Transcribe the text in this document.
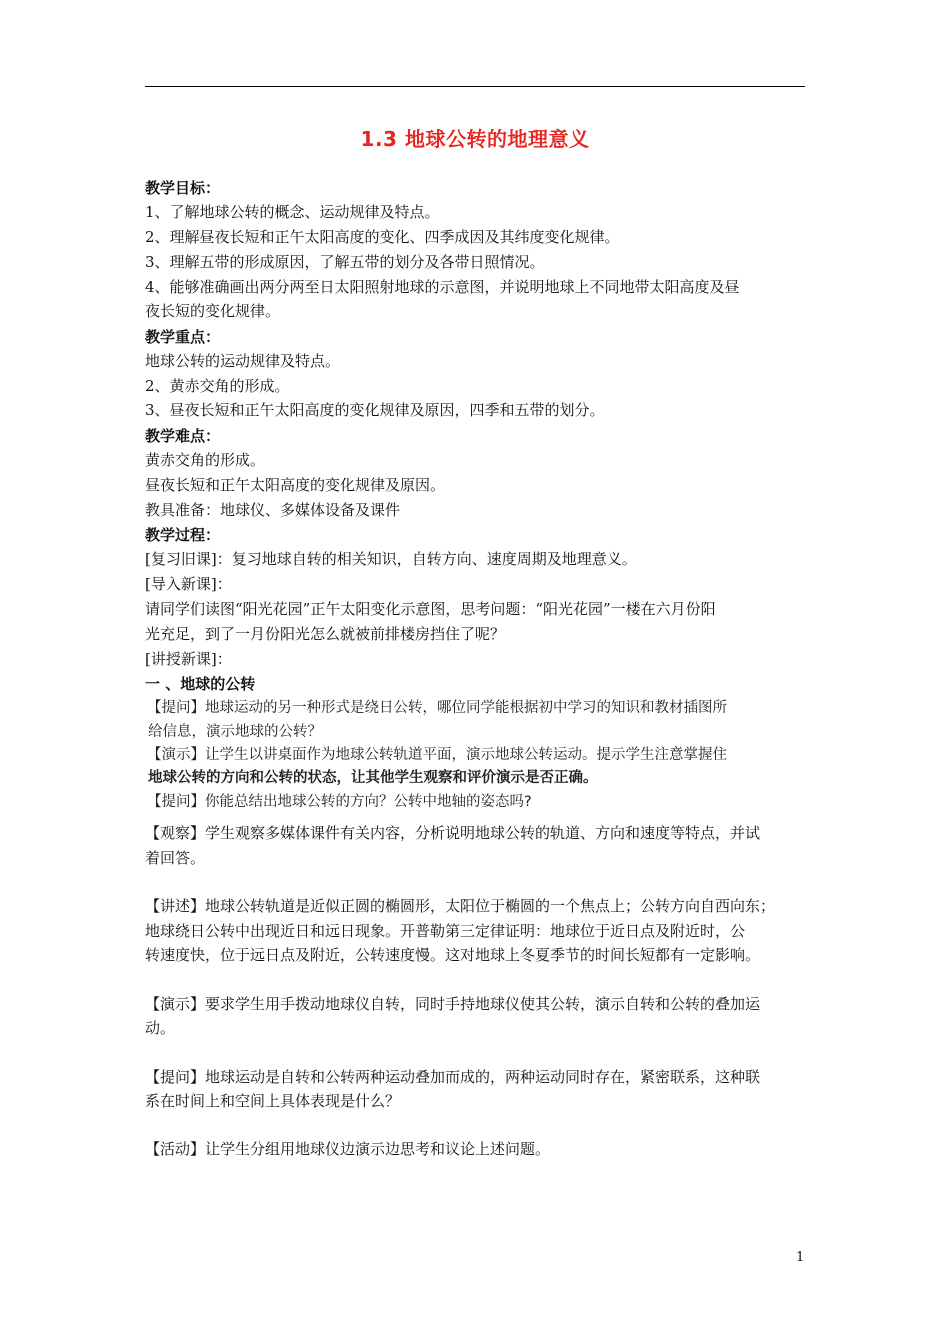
1.3 地球公转的地理意义
教学目标：
1、了解地球公转的概念、运动规律及特点。
2、理解昼夜长短和正午太阳高度的变化、四季成因及其纬度变化规律。
3、理解五带的形成原因，了解五带的划分及各带日照情况。
4、能够准确画出两分两至日太阳照射地球的示意图，并说明地球上不同地带太阳高度及昼
夜长短的变化规律。
教学重点：
地球公转的运动规律及特点。
2、黄赤交角的形成。
3、昼夜长短和正午太阳高度的变化规律及原因，四季和五带的划分。
教学难点：
黄赤交角的形成。
昼夜长短和正午太阳高度的变化规律及原因。
教具准备：地球仪、多媒体设备及课件
教学过程：
[复习旧课]：复习地球自转的相关知识，自转方向、速度周期及地理意义。
[导入新课]：
请同学们读图“阳光花园”正午太阳变化示意图，思考问题：“阳光花园”一楼在六月份阳
光充足，到了一月份阳光怎么就被前排楼房挡住了呢？
[讲授新课]：
一 、地球的公转
【提问】地球运动的另一种形式是绕日公转，哪位同学能根据初中学习的知识和教材插图所
给信息，演示地球的公转？
【演示】让学生以讲桌面作为地球公转轨道平面，演示地球公转运动。提示学生注意掌握住
地球公转的方向和公转的状态，让其他学生观察和评价演示是否正确。
【提问】你能总结出地球公转的方向？公转中地轴的姿态吗?
【观察】学生观察多媒体课件有关内容，分析说明地球公转的轨道、方向和速度等特点，并试
着回答。
【讲述】地球公转轨道是近似正圆的椭圆形，太阳位于椭圆的一个焦点上；公转方向自西向东；
地球绕日公转中出现近日和远日现象。开普勒第三定律证明：地球位于近日点及附近时，公
转速度快，位于远日点及附近，公转速度慢。这对地球上冬夏季节的时间长短都有一定影响。
【演示】要求学生用手拨动地球仪自转，同时手持地球仪使其公转，演示自转和公转的叠加运
动。
【提问】地球运动是自转和公转两种运动叠加而成的，两种运动同时存在，紧密联系，这种联
系在时间上和空间上具体表现是什么？
【活动】让学生分组用地球仪边演示边思考和议论上述问题。
1
